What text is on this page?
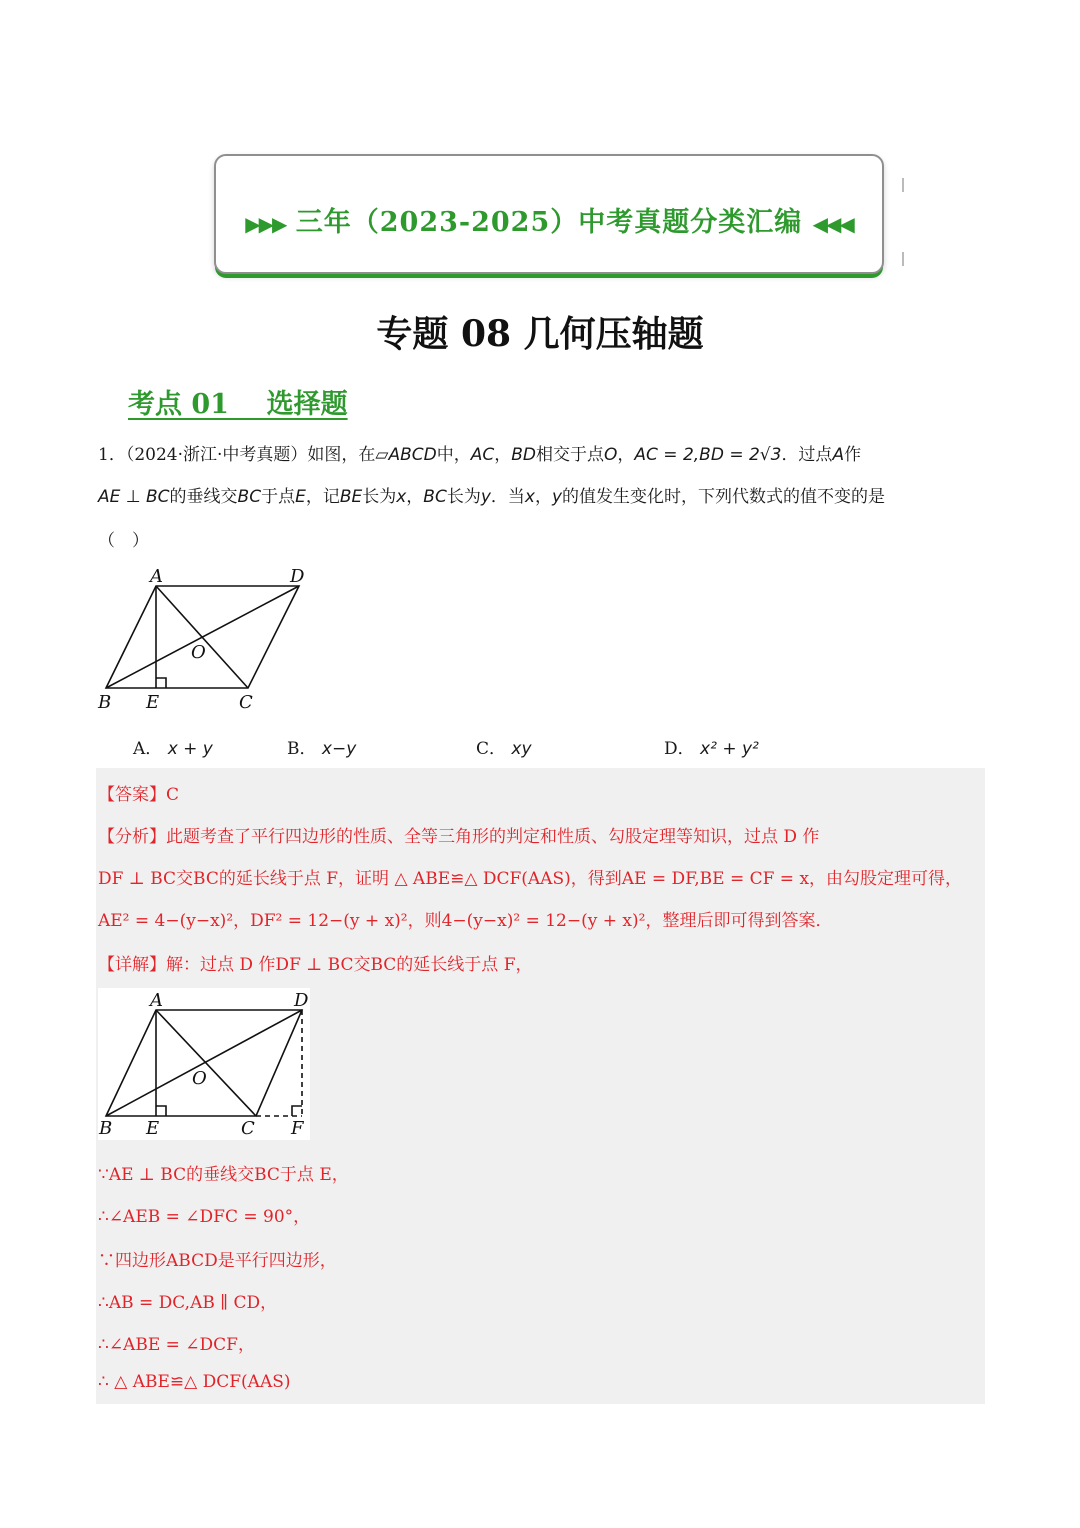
▶▶▶ 三年（2023-2025）中考真题分类汇编 ◀◀◀
专题 08 几何压轴题
考点 01    选择题
1．（2024·浙江·中考真题）如图，在▱ABCD中，AC，BD相交于点O，AC = 2,BD = 2√3．过点A作
AE ⊥ BC的垂线交BC于点E，记BE长为x，BC长为y．当x，y的值发生变化时，下列代数式的值不变的是
（　）
A	D
O
B E	C
A． x + y	B． x−y	C． xy	D． x² + y²
【答案】C
【分析】此题考查了平行四边形的性质、全等三角形的判定和性质、勾股定理等知识，过点 D 作
DF ⊥ BC交BC的延长线于点 F，证明 △ ABE≌△ DCF(AAS)，得到AE = DF,BE = CF = x，由勾股定理可得，
AE² = 4−(y−x)²，DF² = 12−(y + x)²，则4−(y−x)² = 12−(y + x)²，整理后即可得到答案．
【详解】解：过点 D 作DF ⊥ BC交BC的延长线于点 F，
A	D
O
B E	C F
∵AE ⊥ BC的垂线交BC于点 E，
∴∠AEB = ∠DFC = 90°，
∵四边形ABCD是平行四边形，
∴AB = DC,AB ∥ CD，
∴∠ABE = ∠DCF，
∴ △ ABE≌△ DCF(AAS)
